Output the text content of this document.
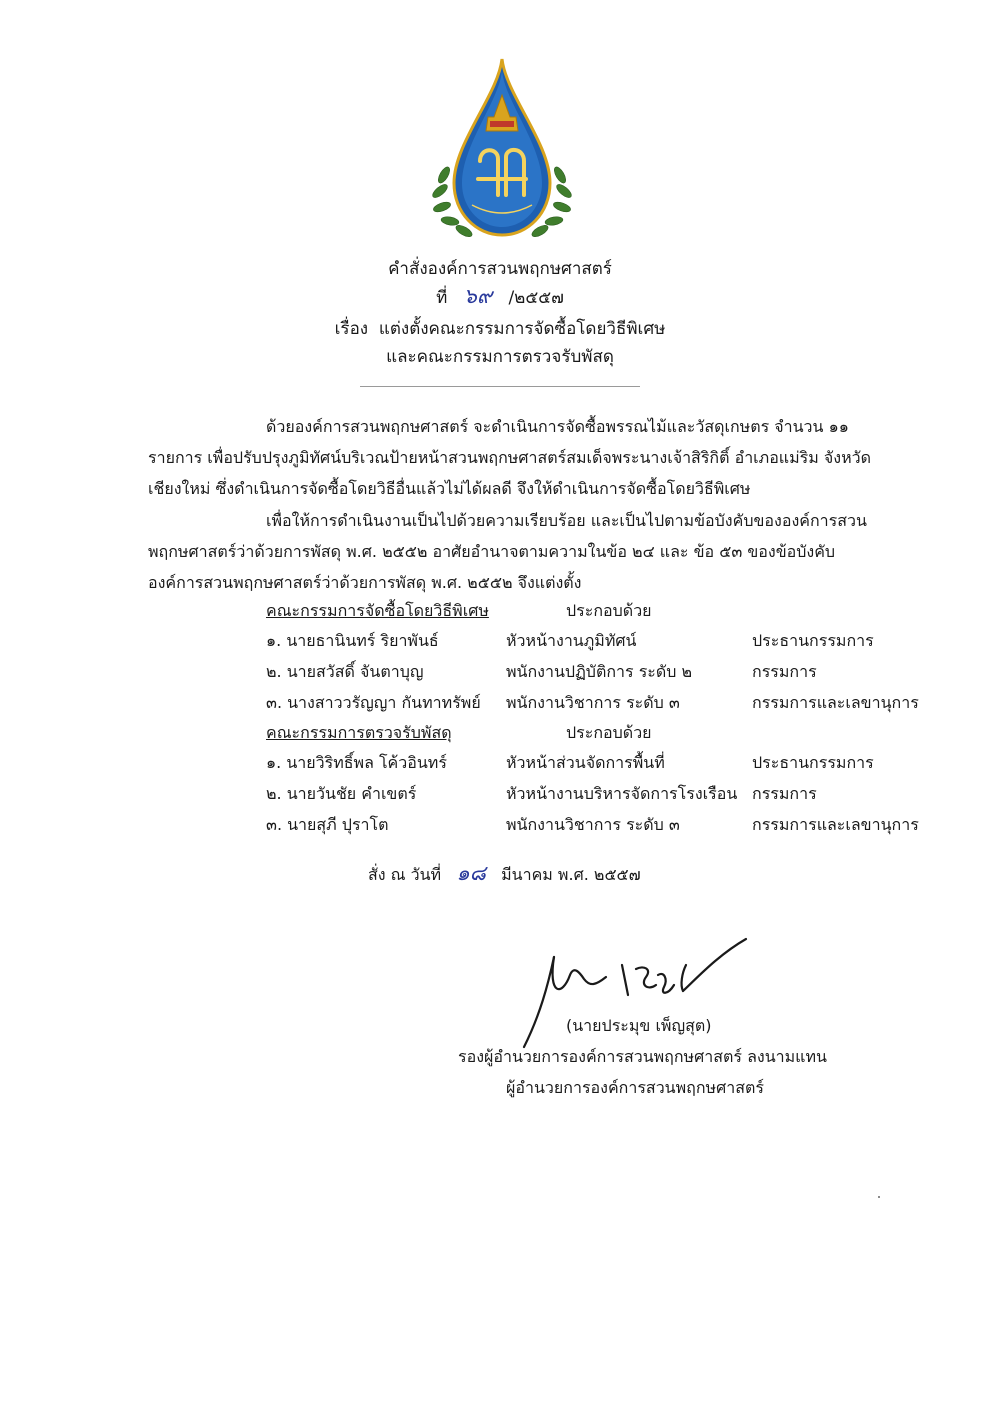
คำสั่งองค์การสวนพฤกษศาสตร์
ที่ ๖๙ /๒๕๕๗
เรื่อง แต่งตั้งคณะกรรมการจัดซื้อโดยวิธีพิเศษ
และคณะกรรมการตรวจรับพัสดุ
ด้วยองค์การสวนพฤกษศาสตร์ จะดำเนินการจัดซื้อพรรณไม้และวัสดุเกษตร จำนวน ๑๑
รายการ เพื่อปรับปรุงภูมิทัศน์บริเวณป้ายหน้าสวนพฤกษศาสตร์สมเด็จพระนางเจ้าสิริกิติ์ อำเภอแม่ริม จังหวัด
เชียงใหม่ ซึ่งดำเนินการจัดซื้อโดยวิธีอื่นแล้วไม่ได้ผลดี จึงให้ดำเนินการจัดซื้อโดยวิธีพิเศษ
เพื่อให้การดำเนินงานเป็นไปด้วยความเรียบร้อย และเป็นไปตามข้อบังคับขององค์การสวน
พฤกษศาสตร์ว่าด้วยการพัสดุ พ.ศ. ๒๕๕๒ อาศัยอำนาจตามความในข้อ ๒๔ และ ข้อ ๕๓ ของข้อบังคับ
องค์การสวนพฤกษศาสตร์ว่าด้วยการพัสดุ พ.ศ. ๒๕๕๒ จึงแต่งตั้ง
คณะกรรมการจัดซื้อโดยวิธีพิเศษ	ประกอบด้วย
๑. นายธานินทร์ ริยาพันธ์	หัวหน้างานภูมิทัศน์	ประธานกรรมการ
๒. นายสวัสดิ์ จันตาบุญ	พนักงานปฏิบัติการ ระดับ ๒	กรรมการ
๓. นางสาววรัญญา กันทาทรัพย์ พนักงานวิชาการ ระดับ ๓	กรรมการและเลขานุการ
คณะกรรมการตรวจรับพัสดุ	ประกอบด้วย
๑. นายวิริทธิ์พล โค้วอินทร์	หัวหน้าส่วนจัดการพื้นที่	ประธานกรรมการ
๒. นายวันชัย คำเขตร์	หัวหน้างานบริหารจัดการโรงเรือน กรรมการ
๓. นายสุภี ปุราโต	พนักงานวิชาการ ระดับ ๓	กรรมการและเลขานุการ
สั่ง ณ วันที่ ๑๘ มีนาคม พ.ศ. ๒๕๕๗
(นายประมุข เพ็ญสุต)
รองผู้อำนวยการองค์การสวนพฤกษศาสตร์ ลงนามแทน
ผู้อำนวยการองค์การสวนพฤกษศาสตร์
